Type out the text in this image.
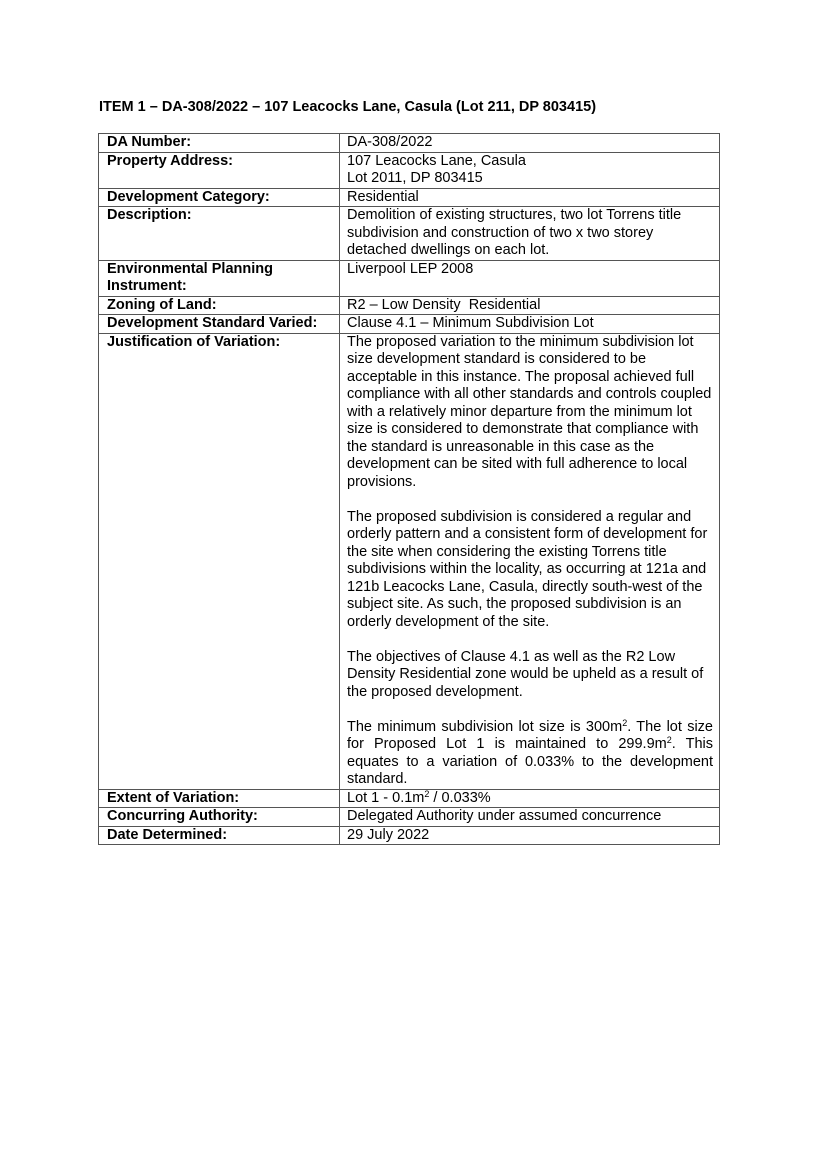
ITEM 1 – DA-308/2022 – 107 Leacocks Lane, Casula (Lot 211, DP 803415)
DA Number:	DA-308/2022
Property Address:	107 Leacocks Lane, Casula
Lot 2011, DP 803415

Development Category:	Residential
Description:	Demolition of existing structures, two lot Torrens title subdivision and construction of two x two storey detached dwellings on each lot.
Environmental Planning Instrument:	Liverpool LEP 2008
Zoning of Land:	R2 – Low Density  Residential
Development Standard Varied:	Clause 4.1 – Minimum Subdivision Lot
Justification of Variation:	The proposed variation to the minimum subdivision lot size development standard is considered to be acceptable in this instance. The proposal achieved full compliance with all other standards and controls coupled with a relatively minor departure from the minimum lot size is considered to demonstrate that compliance with the standard is unreasonable in this case as the development can be sited with full adherence to local provisions.
The proposed subdivision is considered a regular and orderly pattern and a consistent form of development for the site when considering the existing Torrens title subdivisions within the locality, as occurring at 121a and 121b Leacocks Lane, Casula, directly south-west of the subject site. As such, the proposed subdivision is an orderly development of the site.
The objectives of Clause 4.1 as well as the R2 Low Density Residential zone would be upheld as a result of the proposed development.
The minimum subdivision lot size is $300m^2$. The lot size for Proposed Lot 1 is maintained to $299.9m^2$. This equates to a variation of 0.033% to the development standard.

Extent of Variation:	Lot $1 - 0.1m^2 / 0.033\%$
Concurring Authority:	Delegated Authority under assumed concurrence
Date Determined:	29 July 2022
